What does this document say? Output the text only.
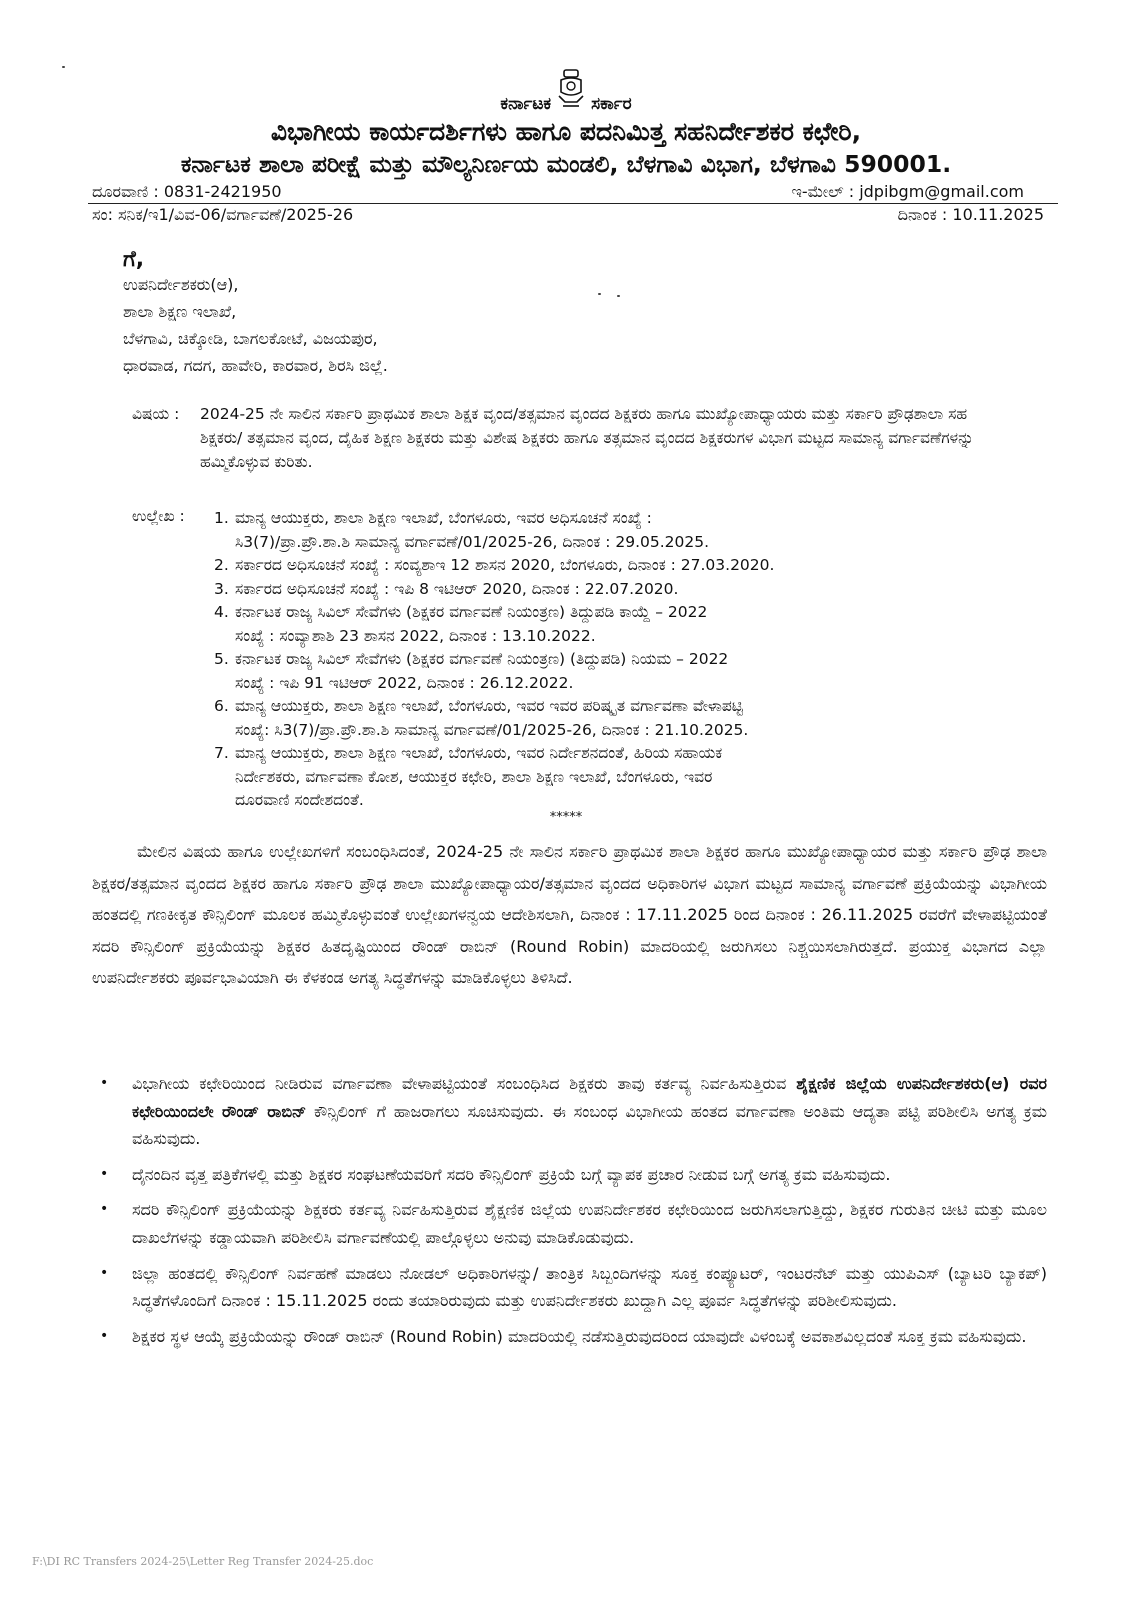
ಕರ್ನಾಟಕ ಸರ್ಕಾರ
ವಿಭಾಗೀಯ ಕಾರ್ಯದರ್ಶಿಗಳು ಹಾಗೂ ಪದನಿಮಿತ್ತ ಸಹನಿರ್ದೇಶಕರ ಕಛೇರಿ,
ಕರ್ನಾಟಕ ಶಾಲಾ ಪರೀಕ್ಷೆ ಮತ್ತು ಮೌಲ್ಯನಿರ್ಣಯ ಮಂಡಲಿ, ಬೆಳಗಾವಿ ವಿಭಾಗ, ಬೆಳಗಾವಿ 590001.
ದೂರವಾಣಿ : 0831-2421950	ಇ-ಮೇಲ್ : jdpibgm@gmail.com
ಸಂ: ಸನಿಕ/ಇ1/ವಿವ-06/ವರ್ಗಾವಣೆ/2025-26	ದಿನಾಂಕ : 10.11.2025
ಗೆ,
ಉಪನಿರ್ದೇಶಕರು(ಆ),
ಶಾಲಾ ಶಿಕ್ಷಣ ಇಲಾಖೆ,
ಬೆಳಗಾವಿ, ಚಿಕ್ಕೋಡಿ, ಬಾಗಲಕೋಟೆ, ವಿಜಯಪುರ,
ಧಾರವಾಡ, ಗದಗ, ಹಾವೇರಿ, ಕಾರವಾರ, ಶಿರಸಿ ಜಿಲ್ಲೆ.
ವಿಷಯ : 2024-25 ನೇ ಸಾಲಿನ ಸರ್ಕಾರಿ ಪ್ರಾಥಮಿಕ ಶಾಲಾ ಶಿಕ್ಷಕ ವೃಂದ/ತತ್ಸಮಾನ ವೃಂದದ ಶಿಕ್ಷಕರು ಹಾಗೂ ಮುಖ್ಯೋಪಾಧ್ಯಾಯರು ಮತ್ತು ಸರ್ಕಾರಿ ಪ್ರೌಢಶಾಲಾ ಸಹ ಶಿಕ್ಷಕರು/ ತತ್ಸಮಾನ ವೃಂದ, ದೈಹಿಕ ಶಿಕ್ಷಣ ಶಿಕ್ಷಕರು ಮತ್ತು ವಿಶೇಷ ಶಿಕ್ಷಕರು ಹಾಗೂ ತತ್ಸಮಾನ ವೃಂದದ ಶಿಕ್ಷಕರುಗಳ ವಿಭಾಗ ಮಟ್ಟದ ಸಾಮಾನ್ಯ ವರ್ಗಾವಣೆಗಳನ್ನು ಹಮ್ಮಿಕೊಳ್ಳುವ ಕುರಿತು.
ಉಲ್ಲೇಖ : 1. ಮಾನ್ಯ ಆಯುಕ್ತರು, ಶಾಲಾ ಶಿಕ್ಷಣ ಇಲಾಖೆ, ಬೆಂಗಳೂರು, ಇವರ ಅಧಿಸೂಚನೆ ಸಂಖ್ಯೆ :
ಸಿ3(7)/ಪ್ರಾ.ಪ್ರೌ.ಶಾ.ಶಿ ಸಾಮಾನ್ಯ ವರ್ಗಾವಣೆ/01/2025-26, ದಿನಾಂಕ : 29.05.2025.
2. ಸರ್ಕಾರದ ಅಧಿಸೂಚನೆ ಸಂಖ್ಯೆ : ಸಂವ್ಯಶಾಇ 12 ಶಾಸನ 2020, ಬೆಂಗಳೂರು, ದಿನಾಂಕ : 27.03.2020.
3. ಸರ್ಕಾರದ ಅಧಿಸೂಚನೆ ಸಂಖ್ಯೆ : ಇಪಿ 8 ಇಟಿಆರ್ 2020, ದಿನಾಂಕ : 22.07.2020.
4. ಕರ್ನಾಟಕ ರಾಜ್ಯ ಸಿವಿಲ್ ಸೇವೆಗಳು (ಶಿಕ್ಷಕರ ವರ್ಗಾವಣೆ ನಿಯಂತ್ರಣ) ತಿದ್ದುಪಡಿ ಕಾಯ್ದೆ – 2022
ಸಂಖ್ಯೆ : ಸಂವ್ಯಾಶಾಶಿ 23 ಶಾಸನ 2022, ದಿನಾಂಕ : 13.10.2022.
5. ಕರ್ನಾಟಕ ರಾಜ್ಯ ಸಿವಿಲ್ ಸೇವೆಗಳು (ಶಿಕ್ಷಕರ ವರ್ಗಾವಣೆ ನಿಯಂತ್ರಣ) (ತಿದ್ದುಪಡಿ) ನಿಯಮ – 2022
ಸಂಖ್ಯೆ : ಇಪಿ 91 ಇಟಿಆರ್ 2022, ದಿನಾಂಕ : 26.12.2022.
6. ಮಾನ್ಯ ಆಯುಕ್ತರು, ಶಾಲಾ ಶಿಕ್ಷಣ ಇಲಾಖೆ, ಬೆಂಗಳೂರು, ಇವರ ಇವರ ಪರಿಷ್ಕೃತ ವರ್ಗಾವಣಾ ವೇಳಾಪಟ್ಟಿ
ಸಂಖ್ಯೆ: ಸಿ3(7)/ಪ್ರಾ.ಪ್ರೌ.ಶಾ.ಶಿ ಸಾಮಾನ್ಯ ವರ್ಗಾವಣೆ/01/2025-26, ದಿನಾಂಕ : 21.10.2025.
7. ಮಾನ್ಯ ಆಯುಕ್ತರು, ಶಾಲಾ ಶಿಕ್ಷಣ ಇಲಾಖೆ, ಬೆಂಗಳೂರು, ಇವರ ನಿರ್ದೇಶನದಂತೆ, ಹಿರಿಯ ಸಹಾಯಕ
ನಿರ್ದೇಶಕರು, ವರ್ಗಾವಣಾ ಕೋಶ, ಆಯುಕ್ತರ ಕಛೇರಿ, ಶಾಲಾ ಶಿಕ್ಷಣ ಇಲಾಖೆ, ಬೆಂಗಳೂರು, ಇವರ
ದೂರವಾಣಿ ಸಂದೇಶದಂತೆ.
*****
ಮೇಲಿನ ವಿಷಯ ಹಾಗೂ ಉಲ್ಲೇಖಗಳಿಗೆ ಸಂಬಂಧಿಸಿದಂತೆ, 2024-25 ನೇ ಸಾಲಿನ ಸರ್ಕಾರಿ ಪ್ರಾಥಮಿಕ ಶಾಲಾ ಶಿಕ್ಷಕರ ಹಾಗೂ ಮುಖ್ಯೋಪಾಧ್ಯಾಯರ ಮತ್ತು ಸರ್ಕಾರಿ ಪ್ರೌಢ ಶಾಲಾ ಶಿಕ್ಷಕರ/ತತ್ಸಮಾನ ವೃಂದದ ಶಿಕ್ಷಕರ ಹಾಗೂ ಸರ್ಕಾರಿ ಪ್ರೌಢ ಶಾಲಾ ಮುಖ್ಯೋಪಾಧ್ಯಾಯರ/ತತ್ಸಮಾನ ವೃಂದದ ಅಧಿಕಾರಿಗಳ ವಿಭಾಗ ಮಟ್ಟದ ಸಾಮಾನ್ಯ ವರ್ಗಾವಣೆ ಪ್ರಕ್ರಿಯೆಯನ್ನು ವಿಭಾಗೀಯ ಹಂತದಲ್ಲಿ ಗಣಕೀಕೃತ ಕೌನ್ಸಿಲಿಂಗ್ ಮೂಲಕ ಹಮ್ಮಿಕೊಳ್ಳುವಂತೆ ಉಲ್ಲೇಖಗಳನ್ವಯ ಆದೇಶಿಸಲಾಗಿ, ದಿನಾಂಕ : 17.11.2025 ರಿಂದ ದಿನಾಂಕ : 26.11.2025 ರವರೆಗೆ ವೇಳಾಪಟ್ಟಿಯಂತೆ ಸದರಿ ಕೌನ್ಸಿಲಿಂಗ್ ಪ್ರಕ್ರಿಯೆಯನ್ನು ಶಿಕ್ಷಕರ ಹಿತದೃಷ್ಟಿಯಿಂದ ರೌಂಡ್ ರಾಬಿನ್ (Round Robin) ಮಾದರಿಯಲ್ಲಿ ಜರುಗಿಸಲು ನಿಶ್ಚಯಿಸಲಾಗಿರುತ್ತದೆ. ಪ್ರಯುಕ್ತ ವಿಭಾಗದ ಎಲ್ಲಾ ಉಪನಿರ್ದೇಶಕರು ಪೂರ್ವಭಾವಿಯಾಗಿ ಈ ಕೆಳಕಂಡ ಅಗತ್ಯ ಸಿದ್ಧತೆಗಳನ್ನು ಮಾಡಿಕೊಳ್ಳಲು ತಿಳಿಸಿದೆ.
• ವಿಭಾಗೀಯ ಕಛೇರಿಯಿಂದ ನೀಡಿರುವ ವರ್ಗಾವಣಾ ವೇಳಾಪಟ್ಟಿಯಂತೆ ಸಂಬಂಧಿಸಿದ ಶಿಕ್ಷಕರು ತಾವು ಕರ್ತವ್ಯ ನಿರ್ವಹಿಸುತ್ತಿರುವ ಶೈಕ್ಷಣಿಕ ಜಿಲ್ಲೆಯ ಉಪನಿರ್ದೇಶಕರು(ಆ) ರವರ ಕಛೇರಿಯಿಂದಲೇ ರೌಂಡ್ ರಾಬಿನ್ ಕೌನ್ಸಿಲಿಂಗ್ ಗೆ ಹಾಜರಾಗಲು ಸೂಚಿಸುವುದು. ಈ ಸಂಬಂಧ ವಿಭಾಗೀಯ ಹಂತದ ವರ್ಗಾವಣಾ ಅಂತಿಮ ಆದ್ಯತಾ ಪಟ್ಟಿ ಪರಿಶೀಲಿಸಿ ಅಗತ್ಯ ಕ್ರಮ ವಹಿಸುವುದು.
• ದೈನಂದಿನ ವೃತ್ತ ಪತ್ರಿಕೆಗಳಲ್ಲಿ ಮತ್ತು ಶಿಕ್ಷಕರ ಸಂಘಟಣೆಯವರಿಗೆ ಸದರಿ ಕೌನ್ಸಿಲಿಂಗ್ ಪ್ರಕ್ರಿಯೆ ಬಗ್ಗೆ ವ್ಯಾಪಕ ಪ್ರಚಾರ ನೀಡುವ ಬಗ್ಗೆ ಅಗತ್ಯ ಕ್ರಮ ವಹಿಸುವುದು.
• ಸದರಿ ಕೌನ್ಸಿಲಿಂಗ್ ಪ್ರಕ್ರಿಯೆಯನ್ನು ಶಿಕ್ಷಕರು ಕರ್ತವ್ಯ ನಿರ್ವಹಿಸುತ್ತಿರುವ ಶೈಕ್ಷಣಿಕ ಜಿಲ್ಲೆಯ ಉಪನಿರ್ದೇಶಕರ ಕಛೇರಿಯಿಂದ ಜರುಗಿಸಲಾಗುತ್ತಿದ್ದು, ಶಿಕ್ಷಕರ ಗುರುತಿನ ಚೀಟಿ ಮತ್ತು ಮೂಲ ದಾಖಲೆಗಳನ್ನು ಕಡ್ಡಾಯವಾಗಿ ಪರಿಶೀಲಿಸಿ ವರ್ಗಾವಣೆಯಲ್ಲಿ ಪಾಲ್ಗೊಳ್ಳಲು ಅನುವು ಮಾಡಿಕೊಡುವುದು.
• ಜಿಲ್ಲಾ ಹಂತದಲ್ಲಿ ಕೌನ್ಸಿಲಿಂಗ್ ನಿರ್ವಹಣೆ ಮಾಡಲು ನೋಡಲ್ ಅಧಿಕಾರಿಗಳನ್ನು/ ತಾಂತ್ರಿಕ ಸಿಬ್ಬಂದಿಗಳನ್ನು ಸೂಕ್ತ ಕಂಪ್ಯೂಟರ್, ಇಂಟರನೆಟ್ ಮತ್ತು ಯುಪಿಎಸ್ (ಬ್ಯಾಟರಿ ಬ್ಯಾಕಪ್) ಸಿದ್ಧತೆಗಳೊಂದಿಗೆ ದಿನಾಂಕ : 15.11.2025 ರಂದು ತಯಾರಿರುವುದು ಮತ್ತು ಉಪನಿರ್ದೇಶಕರು ಖುದ್ದಾಗಿ ಎಲ್ಲ ಪೂರ್ವ ಸಿದ್ಧತೆಗಳನ್ನು ಪರಿಶೀಲಿಸುವುದು.
• ಶಿಕ್ಷಕರ ಸ್ಥಳ ಆಯ್ಕೆ ಪ್ರಕ್ರಿಯೆಯನ್ನು ರೌಂಡ್ ರಾಬಿನ್ (Round Robin) ಮಾದರಿಯಲ್ಲಿ ನಡೆಸುತ್ತಿರುವುದರಿಂದ ಯಾವುದೇ ವಿಳಂಬಕ್ಕೆ ಅವಕಾಶವಿಲ್ಲದಂತೆ ಸೂಕ್ತ ಕ್ರಮ ವಹಿಸುವುದು.
F:\DI RC Transfers 2024-25\Letter Reg Transfer 2024-25.doc
